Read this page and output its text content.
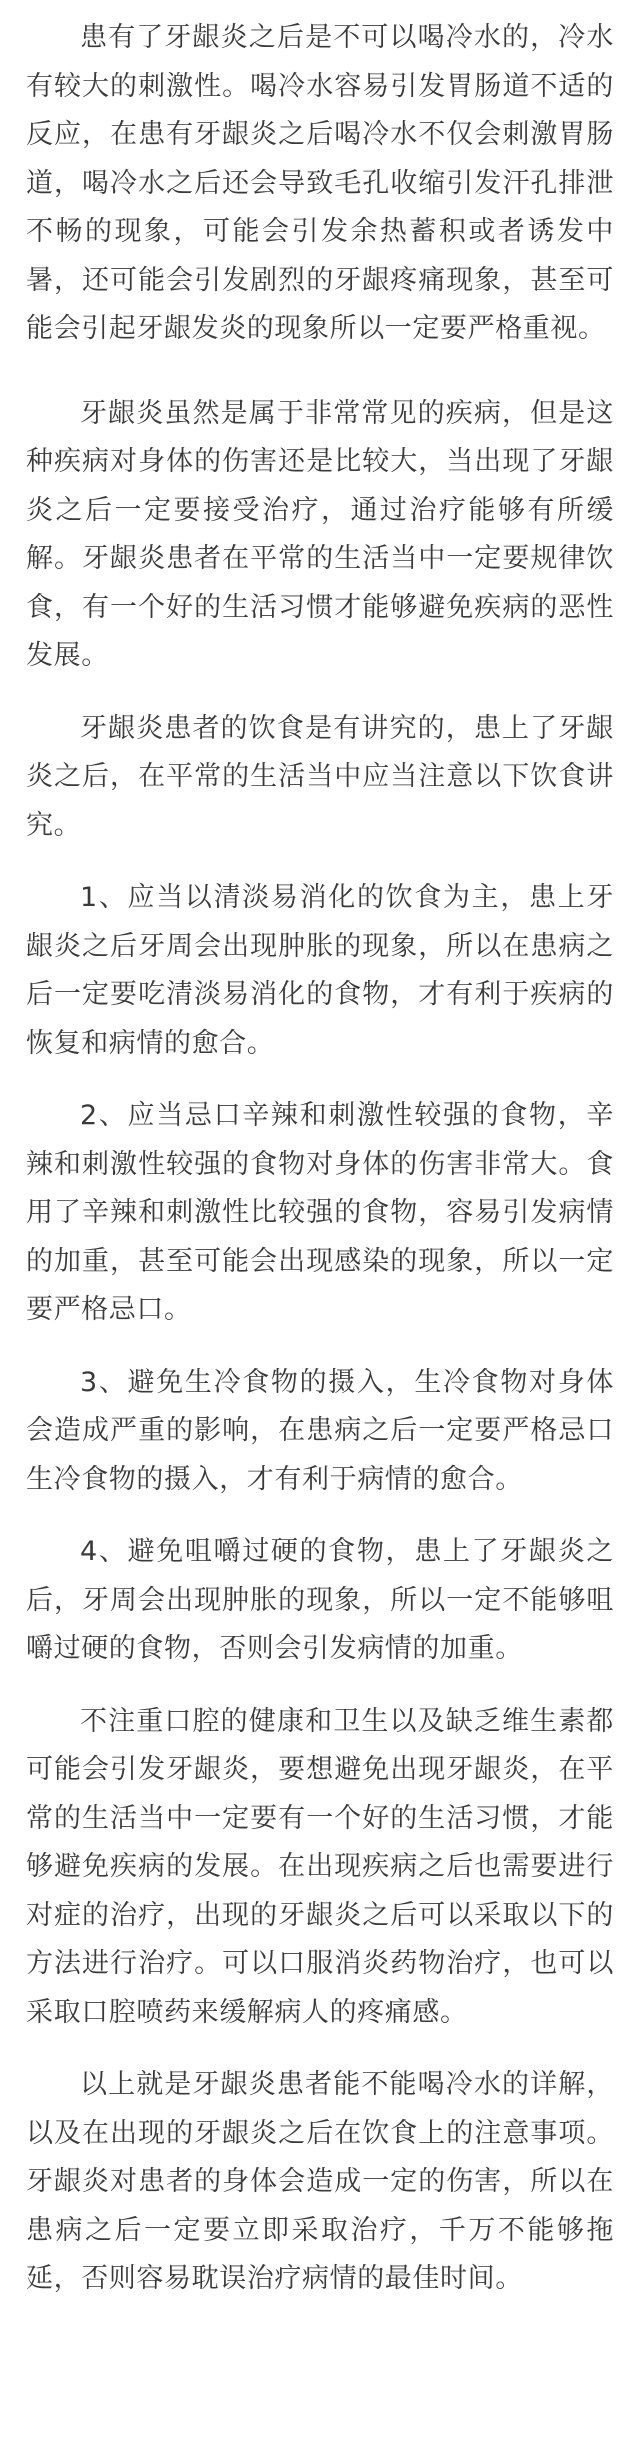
患有了牙龈炎之后是不可以喝冷水的，冷水有较大的刺激性。喝冷水容易引发胃肠道不适的反应，在患有牙龈炎之后喝冷水不仅会刺激胃肠道，喝冷水之后还会导致毛孔收缩引发汗孔排泄不畅的现象，可能会引发余热蓄积或者诱发中暑，还可能会引发剧烈的牙龈疼痛现象，甚至可能会引起牙龈发炎的现象所以一定要严格重视。

牙龈炎虽然是属于非常常见的疾病，但是这种疾病对身体的伤害还是比较大，当出现了牙龈炎之后一定要接受治疗，通过治疗能够有所缓解。牙龈炎患者在平常的生活当中一定要规律饮食，有一个好的生活习惯才能够避免疾病的恶性发展。

牙龈炎患者的饮食是有讲究的，患上了牙龈炎之后，在平常的生活当中应当注意以下饮食讲究。

1、应当以清淡易消化的饮食为主，患上牙龈炎之后牙周会出现肿胀的现象，所以在患病之后一定要吃清淡易消化的食物，才有利于疾病的恢复和病情的愈合。

2、应当忌口辛辣和刺激性较强的食物，辛辣和刺激性较强的食物对身体的伤害非常大。食用了辛辣和刺激性比较强的食物，容易引发病情的加重，甚至可能会出现感染的现象，所以一定要严格忌口。

3、避免生冷食物的摄入，生冷食物对身体会造成严重的影响，在患病之后一定要严格忌口生冷食物的摄入，才有利于病情的愈合。

4、避免咀嚼过硬的食物，患上了牙龈炎之后，牙周会出现肿胀的现象，所以一定不能够咀嚼过硬的食物，否则会引发病情的加重。

不注重口腔的健康和卫生以及缺乏维生素都可能会引发牙龈炎，要想避免出现牙龈炎，在平常的生活当中一定要有一个好的生活习惯，才能够避免疾病的发展。在出现疾病之后也需要进行对症的治疗，出现的牙龈炎之后可以采取以下的方法进行治疗。可以口服消炎药物治疗，也可以采取口腔喷药来缓解病人的疼痛感。

以上就是牙龈炎患者能不能喝冷水的详解，以及在出现的牙龈炎之后在饮食上的注意事项。牙龈炎对患者的身体会造成一定的伤害，所以在患病之后一定要立即采取治疗，千万不能够拖延，否则容易耽误治疗病情的最佳时间。
